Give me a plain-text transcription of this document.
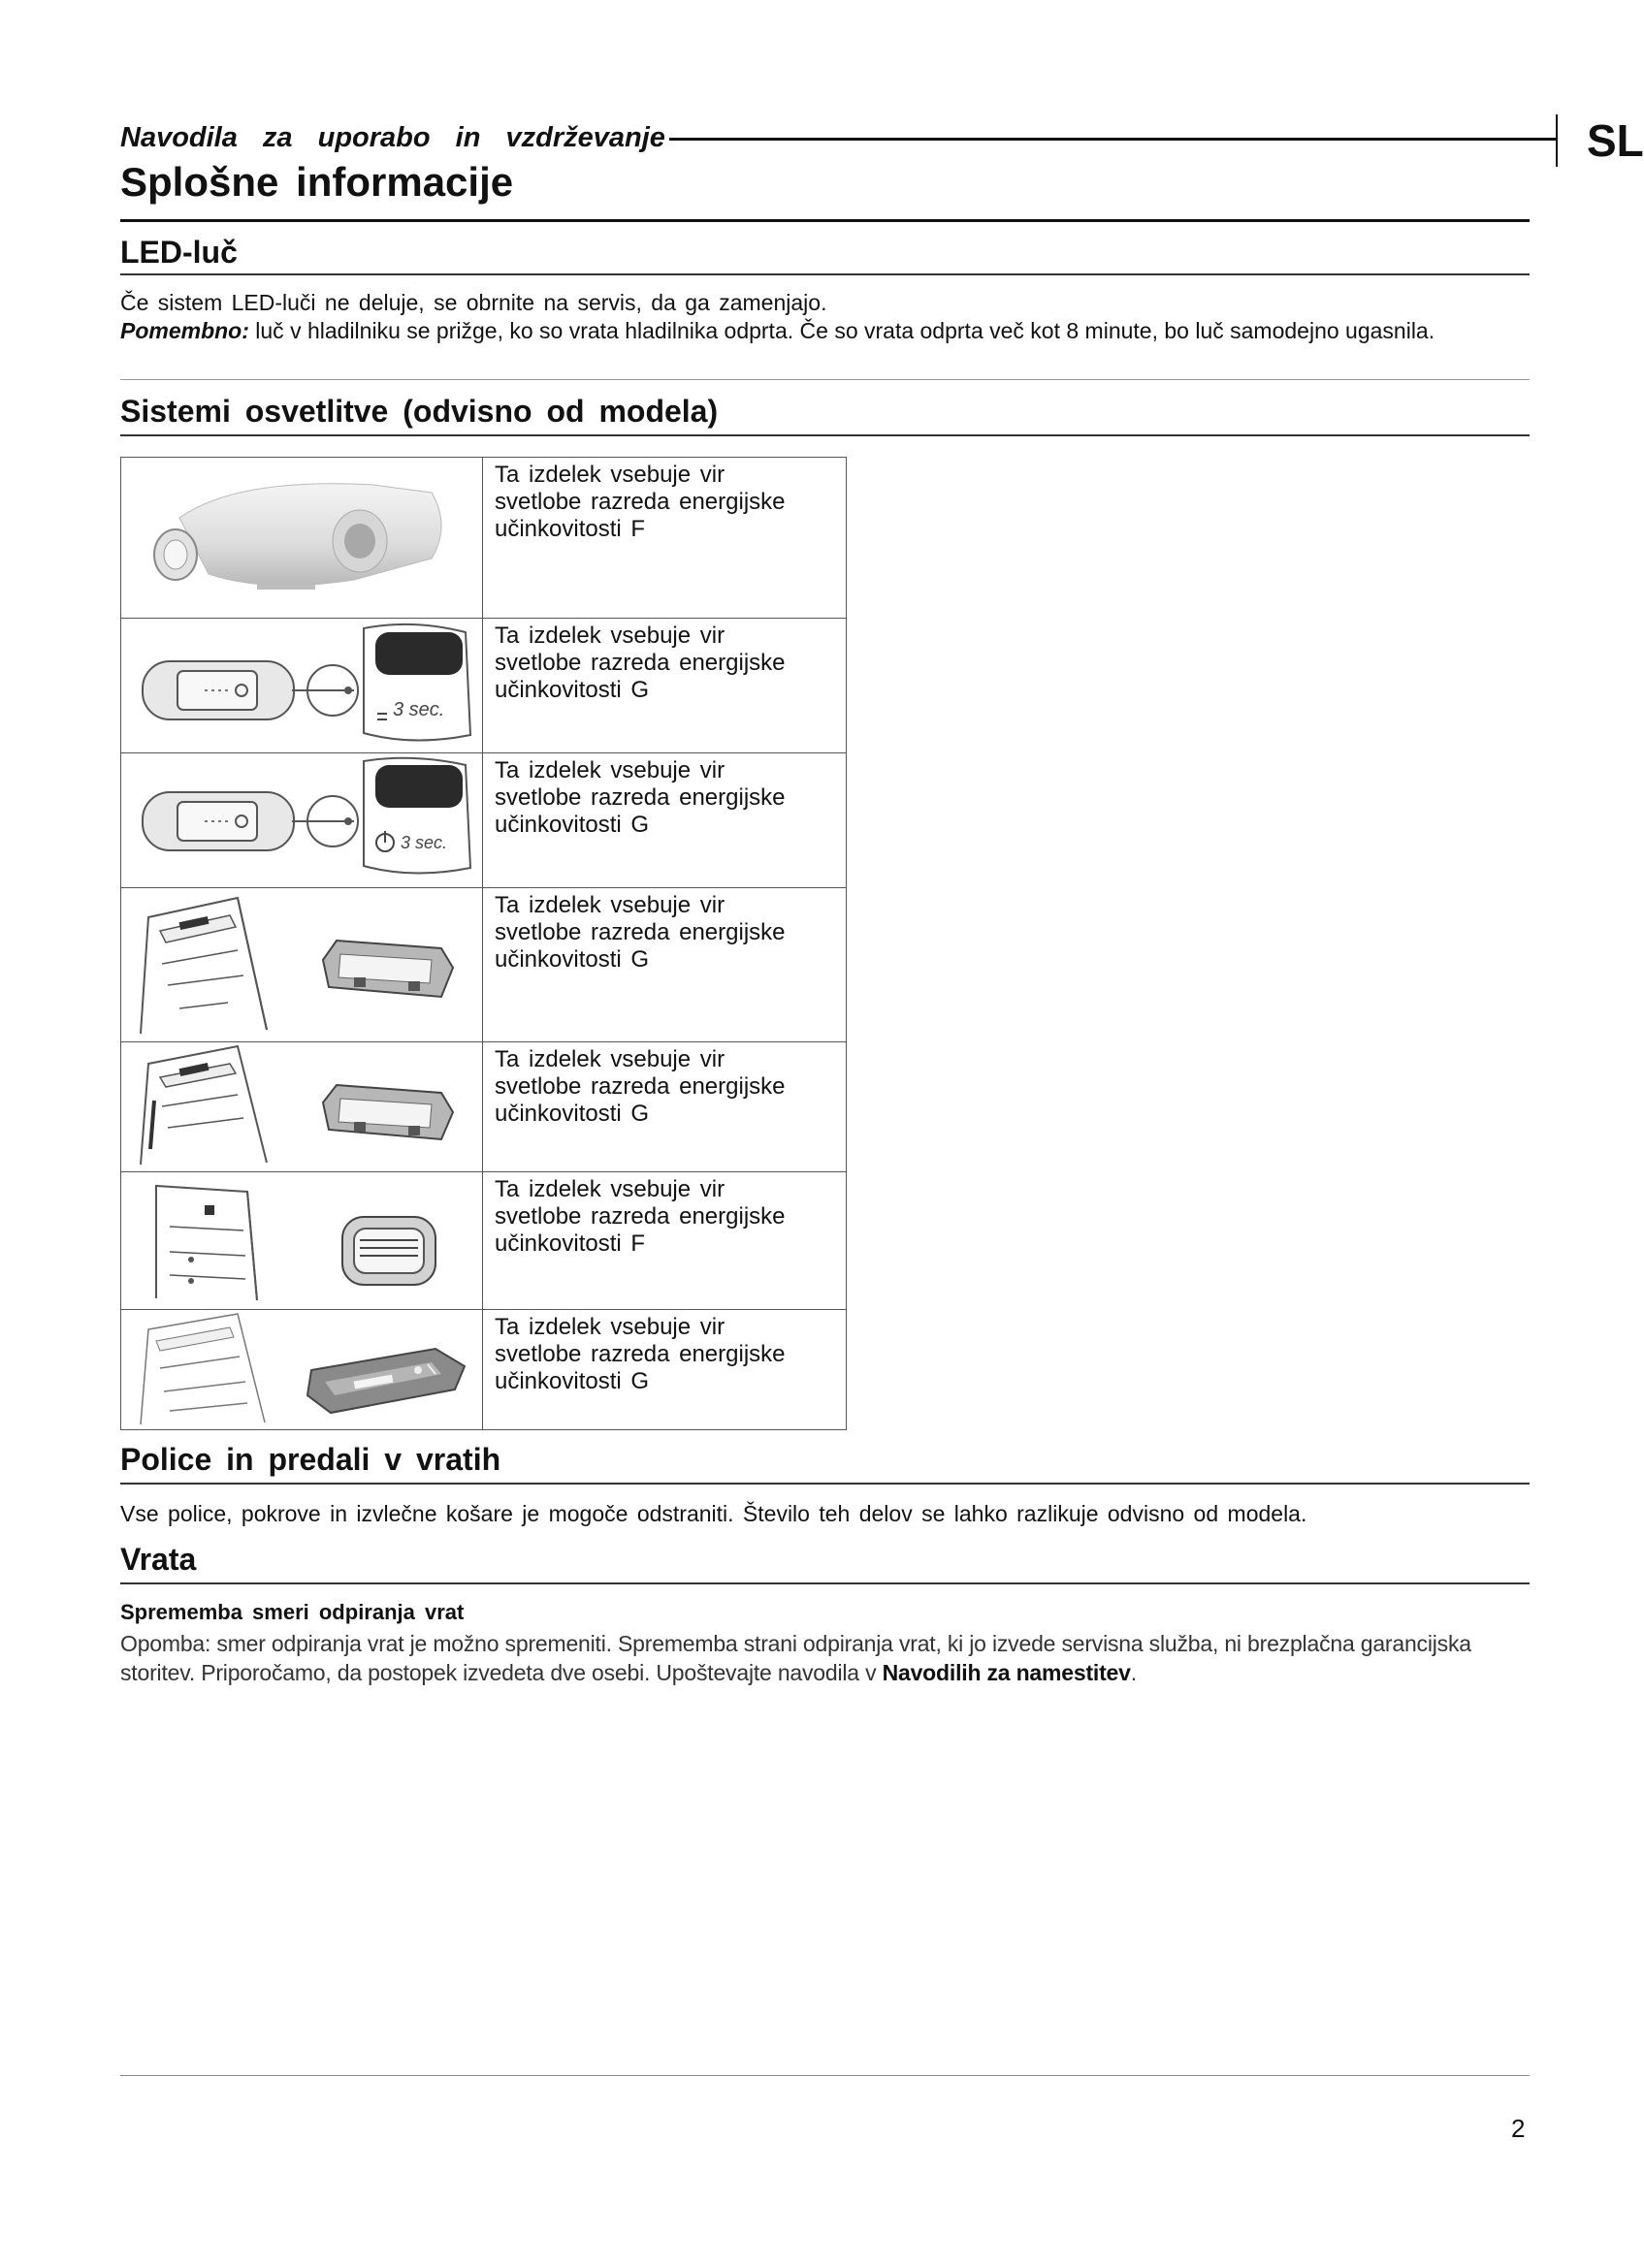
Navodila za uporabo in vzdrževanje	SL
Splošne informacije
LED-luč
Če sistem LED-luči ne deluje, se obrnite na servis, da ga zamenjajo.
Pomembno: luč v hladilniku se prižge, ko so vrata hladilnika odprta. Če so vrata odprta več kot 8 minute, bo luč samodejno ugasnila.
Sistemi osvetlitve (odvisno od modela)

Ta izdelek vsebuje vir
svetlobe razreda energijske
učinkovitosti F

3 sec.	Ta izdelek vsebuje vir
svetlobe razreda energijske
učinkovitosti G

3 sec.	Ta izdelek vsebuje vir
svetlobe razreda energijske
učinkovitosti G

Ta izdelek vsebuje vir
svetlobe razreda energijske
učinkovitosti G

Ta izdelek vsebuje vir
svetlobe razreda energijske
učinkovitosti G

Ta izdelek vsebuje vir
svetlobe razreda energijske
učinkovitosti F

Ta izdelek vsebuje vir
svetlobe razreda energijske
učinkovitosti G
Police in predali v vratih
Vse police, pokrove in izvlečne košare je mogoče odstraniti. Število teh delov se lahko razlikuje odvisno od modela.
Vrata
Sprememba smeri odpiranja vrat
Opomba: smer odpiranja vrat je možno spremeniti. Sprememba strani odpiranja vrat, ki jo izvede servisna služba, ni brezplačna garancijska storitev. Priporočamo, da postopek izvedeta dve osebi. Upoštevajte navodila v Navodilih za namestitev.
2
